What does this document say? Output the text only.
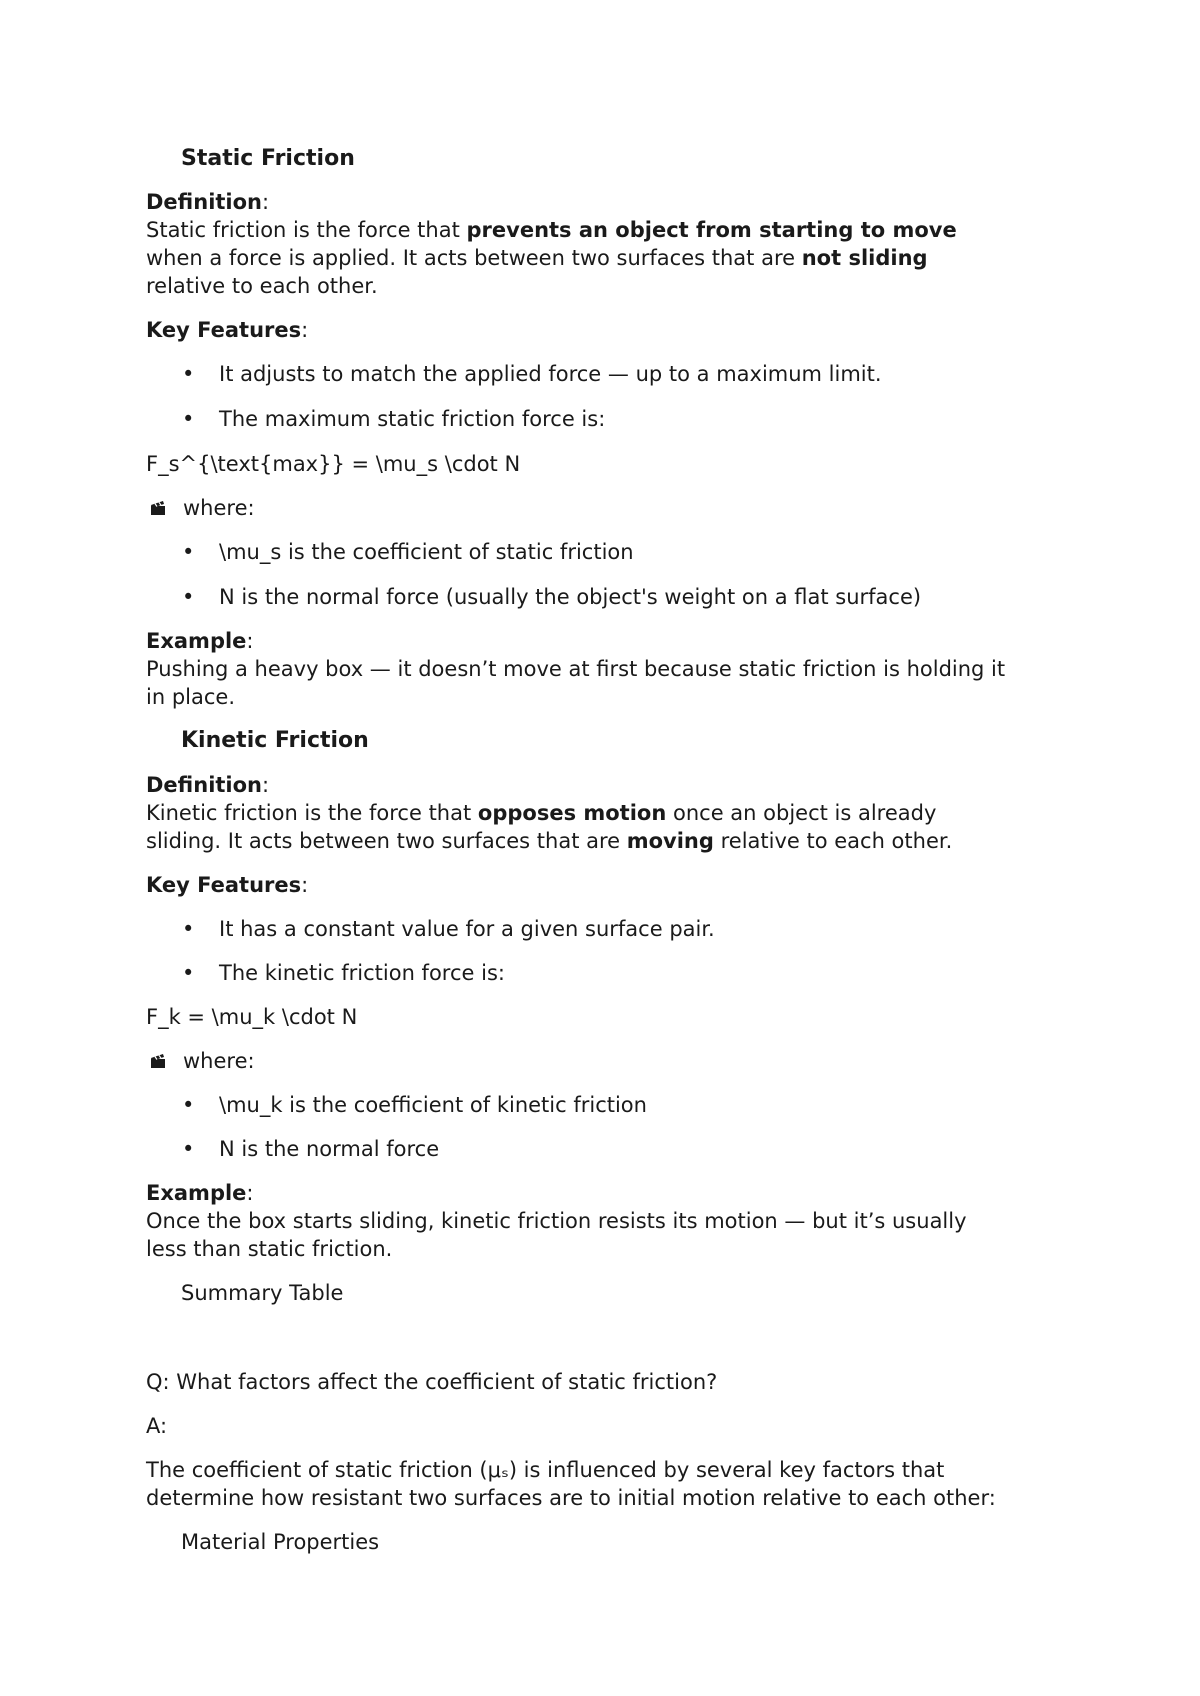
Static Friction
Definition:
Static friction is the force that prevents an object from starting to move
when a force is applied. It acts between two surfaces that are not sliding
relative to each other.
Key Features:
• It adjusts to match the applied force — up to a maximum limit.
• The maximum static friction force is:
F_s^{\text{max}} = \mu_s \cdot N
where:
• \mu_s is the coefficient of static friction
• N is the normal force (usually the object's weight on a flat surface)
Example:
Pushing a heavy box — it doesn’t move at first because static friction is holding it
in place.
Kinetic Friction
Definition:
Kinetic friction is the force that opposes motion once an object is already
sliding. It acts between two surfaces that are moving relative to each other.
Key Features:
• It has a constant value for a given surface pair.
• The kinetic friction force is:
F_k = \mu_k \cdot N
where:
• \mu_k is the coefficient of kinetic friction
• N is the normal force
Example:
Once the box starts sliding, kinetic friction resists its motion — but it’s usually
less than static friction.
Summary Table
Q: What factors affect the coefficient of static friction?
A:
The coefficient of static friction (μₛ) is influenced by several key factors that
determine how resistant two surfaces are to initial motion relative to each other:
Material Properties
